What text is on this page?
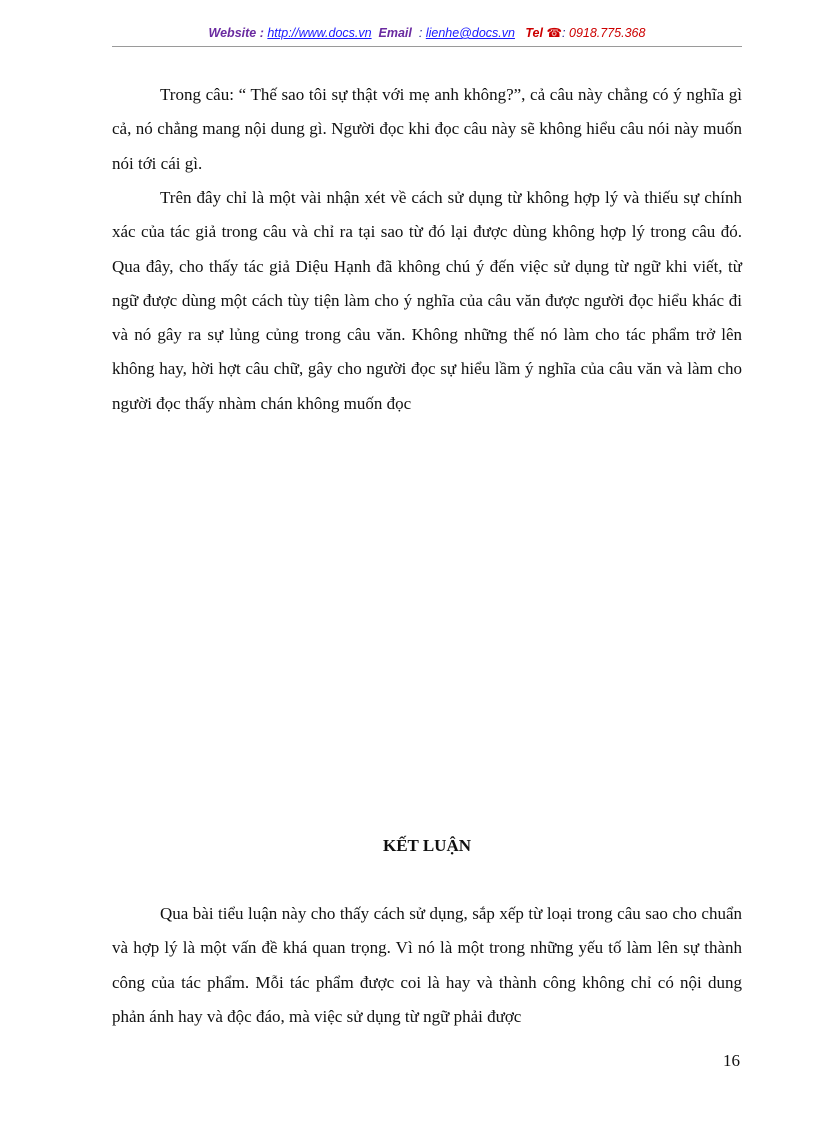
Website : http://www.docs.vn Email : lienhe@docs.vn Tel ☎: 0918.775.368

Trong câu: “ Thế sao tôi sự thật với mẹ anh không?”, cả câu này chẳng có ý nghĩa gì cả, nó chẳng mang nội dung gì. Người đọc khi đọc câu này sẽ không hiểu câu nói này muốn nói tới cái gì.

Trên đây chỉ là một vài nhận xét về cách sử dụng từ không hợp lý và thiếu sự chính xác của tác giả trong câu và chỉ ra tại sao từ đó lại được dùng không hợp lý trong câu đó. Qua đây, cho thấy tác giả Diệu Hạnh đã không chú ý đến việc sử dụng từ ngữ khi viết, từ ngữ được dùng một cách tùy tiện làm cho ý nghĩa của câu văn được người đọc hiểu khác đi và nó gây ra sự lủng củng trong câu văn. Không những thế nó làm cho tác phẩm trở lên không hay, hời hợt câu chữ, gây cho người đọc sự hiểu lầm ý nghĩa của câu văn và làm cho người đọc thấy nhàm chán không muốn đọc

KẾT LUẬN

Qua bài tiểu luận này cho thấy cách sử dụng, sắp xếp từ loại trong câu sao cho chuẩn và hợp lý là một vấn đề khá quan trọng. Vì nó là một trong những yếu tố làm lên sự thành công của tác phẩm. Mỗi tác phẩm được coi là hay và thành công không chỉ có nội dung phản ánh hay và độc đáo, mà việc sử dụng từ ngữ phải được

16
